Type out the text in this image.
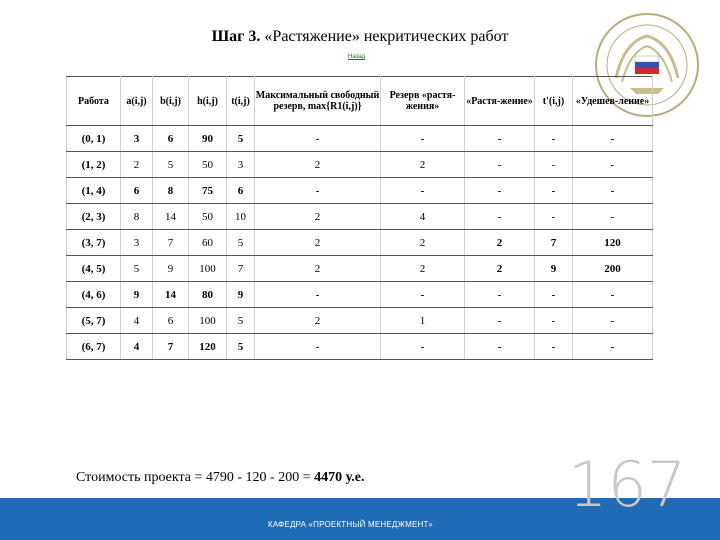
Шаг 3. «Растяжение» некритических работ
Назад
Работа	a(i,j)	b(i,j)	h(i,j)	t(i,j)	Максимальный свободный резерв, max{R1(i,j)}	Резерв «растя-жения»	«Растя-жение»	t'(i,j)	«Удешев-ление»
(0, 1)	3	6	90	5	-	-	-	-	-
(1, 2)	2	5	50	3	2	2	-	-	-
(1, 4)	6	8	75	6	-	-	-	-	-
(2, 3)	8	14	50	10	2	4	-	-	-
(3, 7)	3	7	60	5	2	2	2	7	120
(4, 5)	5	9	100	7	2	2	2	9	200
(4, 6)	9	14	80	9	-	-	-	-	-
(5, 7)	4	6	100	5	2	1	-	-	-
(6, 7)	4	7	120	5	-	-	-	-	-
Стоимость проекта = 4790 - 120 - 200 = 4470 у.е.
КАФЕДРА «ПРОЕКТНЫЙ МЕНЕДЖМЕНТ»
167
